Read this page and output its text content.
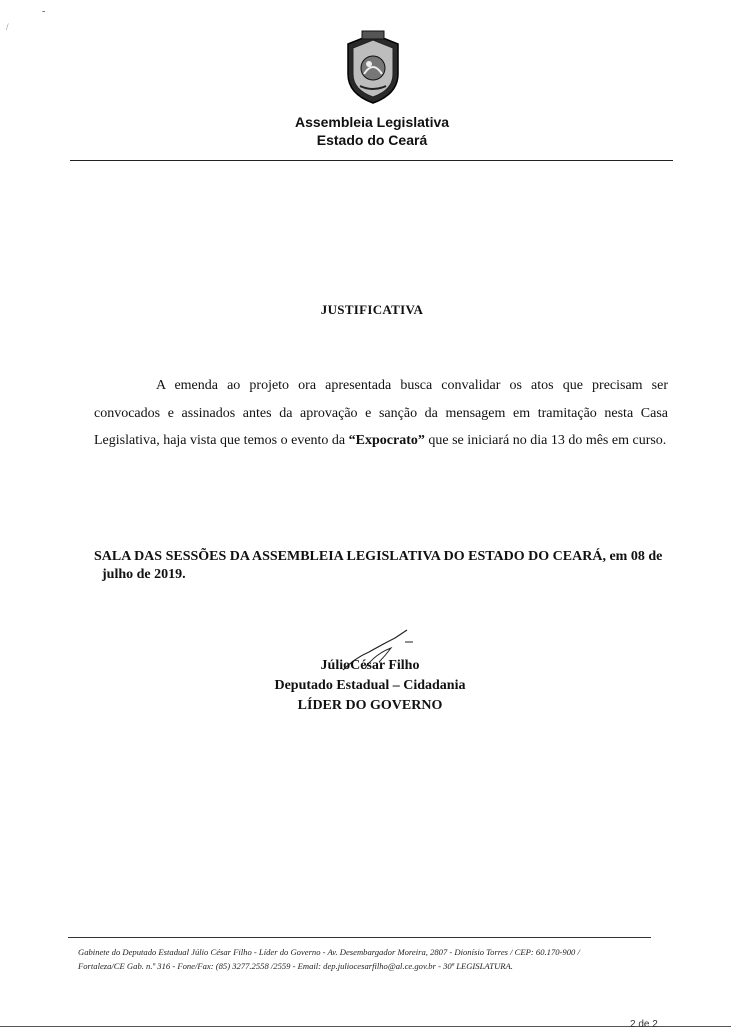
-
/
Assembleia Legislativa
Estado do Ceará
JUSTIFICATIVA
A emenda ao projeto ora apresentada busca convalidar os atos que precisam ser convocados e assinados antes da aprovação e sanção da mensagem em tramitação nesta Casa Legislativa, haja vista que temos o evento da “Expocrato” que se iniciará no dia 13 do mês em curso.
SALA DAS SESSÕES DA ASSEMBLEIA LEGISLATIVA DO ESTADO DO CEARÁ, em 08 de julho de 2019.
JúlioCésar Filho
Deputado Estadual – Cidadania
LÍDER DO GOVERNO
Gabinete do Deputado Estadual Júlio César Filho - Líder do Governo - Av. Desembargador Moreira, 2807 - Dionísio Torres / CEP: 60.170-900 /
Fortaleza/CE Gab. n.º 316 - Fone/Fax: (85) 3277.2558 /2559 - Email: dep.juliocesarfilho@al.ce.gov.br - 30ª LEGISLATURA.
2 de 2
